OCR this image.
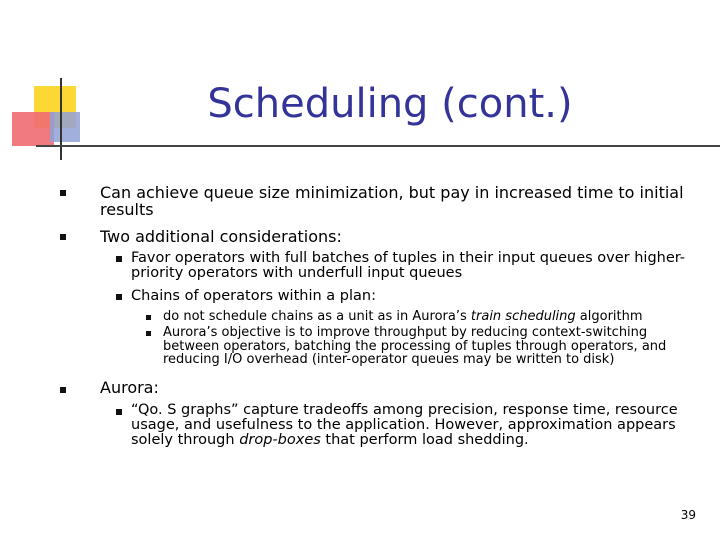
Scheduling (cont.)
Can achieve queue size minimization, but pay in increased time to initial results
Two additional considerations:
Favor operators with full batches of tuples in their input queues over higher-priority operators with underfull input queues
Chains of operators within a plan:
do not schedule chains as a unit as in Aurora’s train scheduling algorithm
Aurora’s objective is to improve throughput by reducing context-switching between operators, batching the processing of tuples through operators, and reducing I/O overhead (inter-operator queues may be written to disk)
Aurora:
“Qo. S graphs” capture tradeoffs among precision, response time, resource usage, and usefulness to the application. However, approximation appears solely through drop-boxes that perform load shedding.
39
